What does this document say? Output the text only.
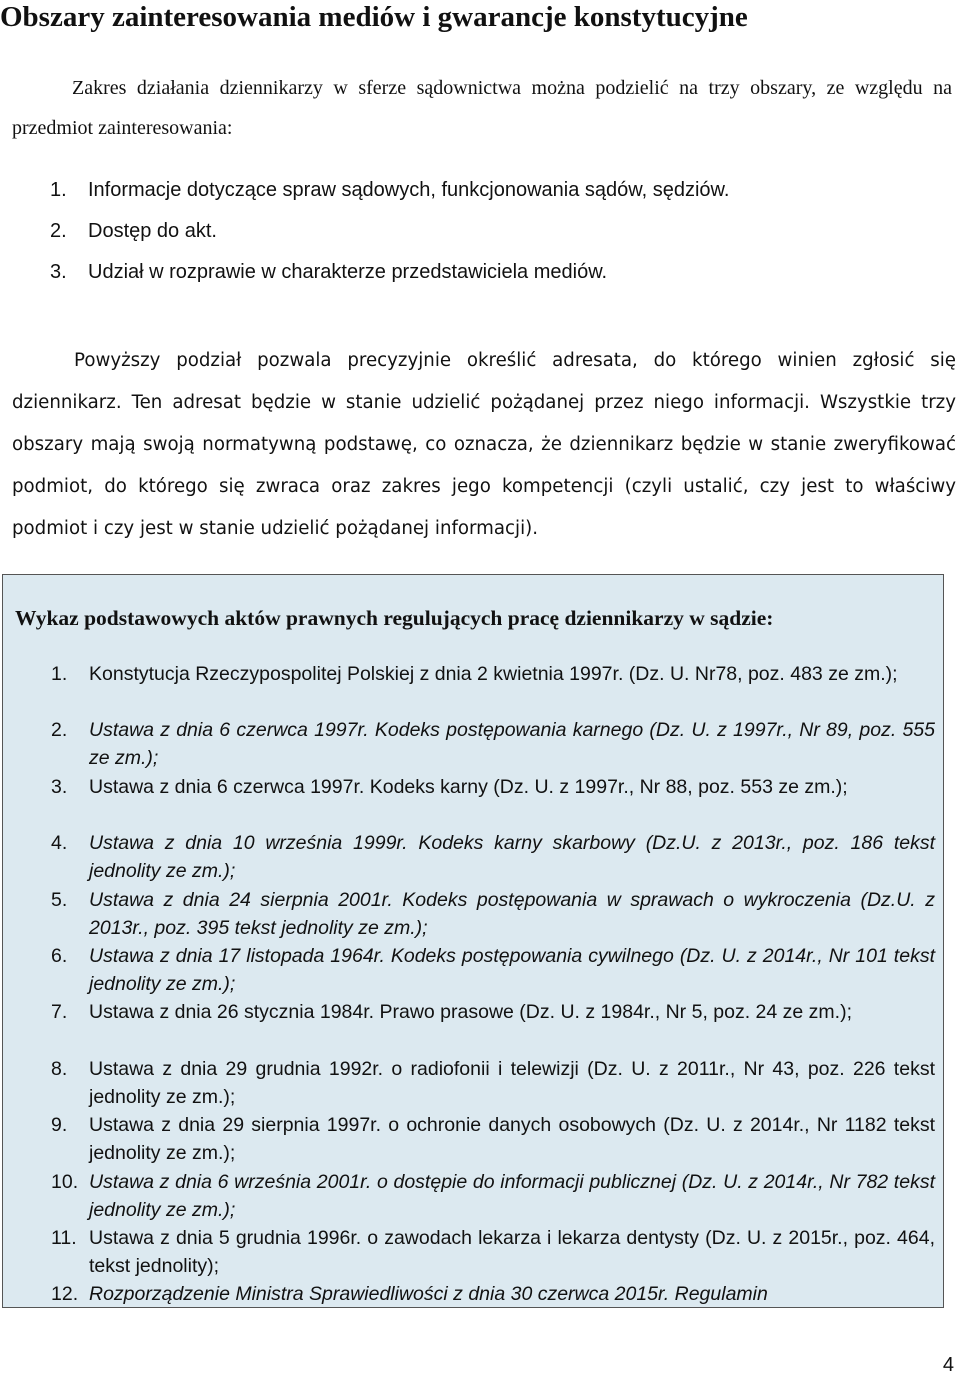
Obszary zainteresowania mediów i gwarancje konstytucyjne

Zakres działania dziennikarzy w sferze sądownictwa można podzielić na trzy obszary, ze względu na przedmiot zainteresowania:

1. Informacje dotyczące spraw sądowych, funkcjonowania sądów, sędziów.
2. Dostęp do akt.
3. Udział w rozprawie w charakterze przedstawiciela mediów.

Powyższy podział pozwala precyzyjnie określić adresata, do którego winien zgłosić się dziennikarz. Ten adresat będzie w stanie udzielić pożądanej przez niego informacji. Wszystkie trzy obszary mają swoją normatywną podstawę, co oznacza, że dziennikarz będzie w stanie zweryfikować podmiot, do którego się zwraca oraz zakres jego kompetencji (czyli ustalić, czy jest to właściwy podmiot i czy jest w stanie udzielić pożądanej informacji).

Wykaz podstawowych aktów prawnych regulujących pracę dziennikarzy w sądzie:

1. Konstytucja Rzeczypospolitej Polskiej z dnia 2 kwietnia 1997r. (Dz. U. Nr78, poz. 483 ze zm.);
2. Ustawa z dnia 6 czerwca 1997r. Kodeks postępowania karnego (Dz. U. z 1997r., Nr 89, poz. 555 ze zm.);
3. Ustawa z dnia 6 czerwca 1997r. Kodeks karny (Dz. U. z 1997r., Nr 88, poz. 553 ze zm.);
4. Ustawa z dnia 10 września 1999r. Kodeks karny skarbowy (Dz.U. z 2013r., poz. 186 tekst jednolity ze zm.);
5. Ustawa z dnia 24 sierpnia 2001r. Kodeks postępowania w sprawach o wykroczenia (Dz.U. z 2013r., poz. 395 tekst jednolity ze zm.);
6. Ustawa z dnia 17 listopada 1964r. Kodeks postępowania cywilnego (Dz. U. z 2014r., Nr 101 tekst jednolity ze zm.);
7. Ustawa z dnia 26 stycznia 1984r. Prawo prasowe (Dz. U. z 1984r., Nr 5, poz. 24 ze zm.);
8. Ustawa z dnia 29 grudnia 1992r. o radiofonii i telewizji (Dz. U. z 2011r., Nr 43, poz. 226 tekst jednolity ze zm.);
9. Ustawa z dnia 29 sierpnia 1997r. o ochronie danych osobowych (Dz. U. z 2014r., Nr 1182 tekst jednolity ze zm.);
10. Ustawa z dnia 6 września 2001r. o dostępie do informacji publicznej (Dz. U. z 2014r., Nr 782 tekst jednolity ze zm.);
11. Ustawa z dnia 5 grudnia 1996r. o zawodach lekarza i lekarza dentysty (Dz. U. z 2015r., poz. 464, tekst jednolity);
12. Rozporządzenie Ministra Sprawiedliwości z dnia 30 czerwca 2015r. Regulamin
4
